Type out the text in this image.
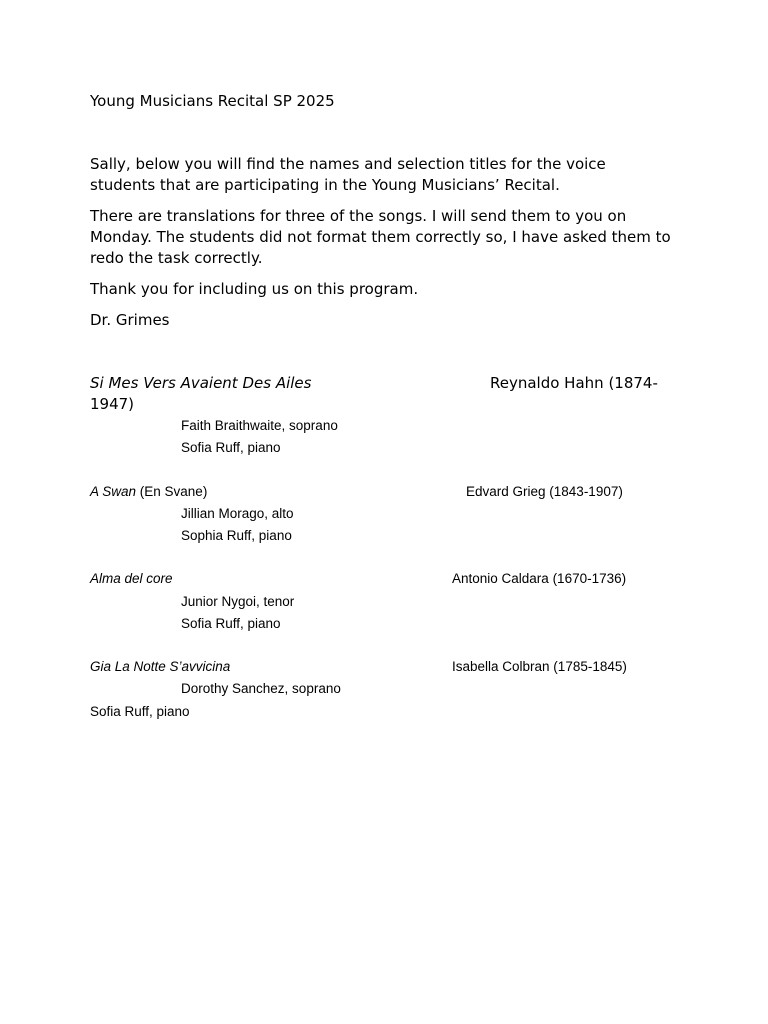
Young Musicians Recital SP 2025
Sally, below you will find the names and selection titles for the voice
students that are participating in the Young Musicians’ Recital.
There are translations for three of the songs. I will send them to you on
Monday. The students did not format them correctly so, I have asked them to
redo the task correctly.
Thank you for including us on this program.
Dr. Grimes
Si Mes Vers Avaient Des Ailes	Reynaldo Hahn (1874-
1947)
Faith Braithwaite, soprano
Sofia Ruff, piano
A Swan (En Svane)	Edvard Grieg (1843-1907)
Jillian Morago, alto
Sophia Ruff, piano
Alma del core	Antonio Caldara (1670-1736)
Junior Nygoi, tenor
Sofia Ruff, piano
Gia La Notte S’avvicina	Isabella Colbran (1785-1845)
Dorothy Sanchez, soprano
Sofia Ruff, piano
